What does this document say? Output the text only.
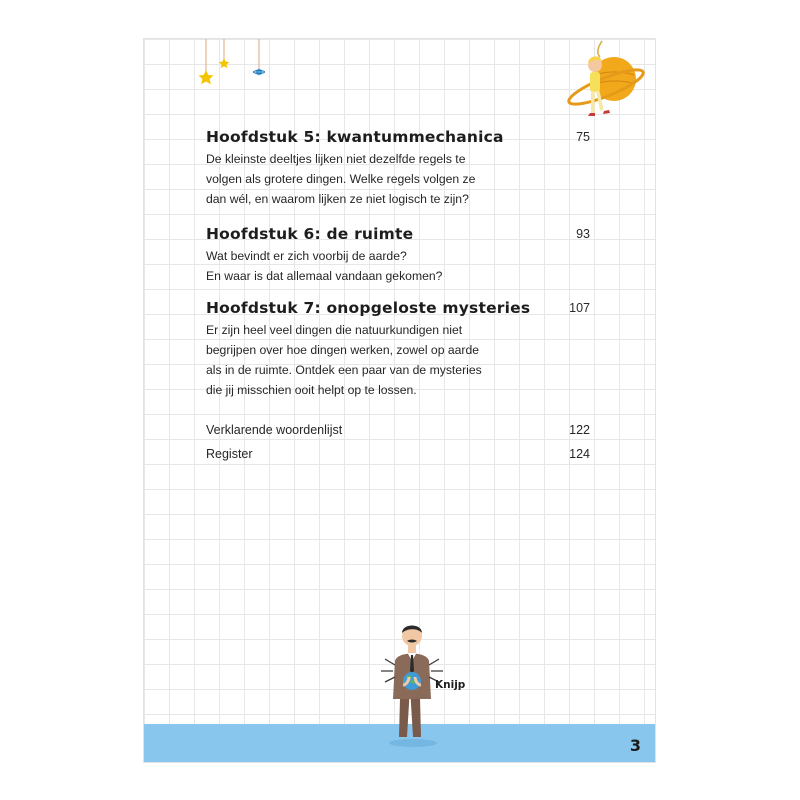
Hoofdstuk 5: kwantummechanica	75
De kleinste deeltjes lijken niet dezelfde regels te
volgen als grotere dingen. Welke regels volgen ze
dan wél, en waarom lijken ze niet logisch te zijn?
Hoofdstuk 6: de ruimte	93
Wat bevindt er zich voorbij de aarde?
En waar is dat allemaal vandaan gekomen?
Hoofdstuk 7: onopgeloste mysteries	107
Er zijn heel veel dingen die natuurkundigen niet
begrijpen over hoe dingen werken, zowel op aarde
als in de ruimte. Ontdek een paar van de mysteries
die jij misschien ooit helpt op te lossen.
Verklarende woordenlijst	122
Register	124
3
Knijp
